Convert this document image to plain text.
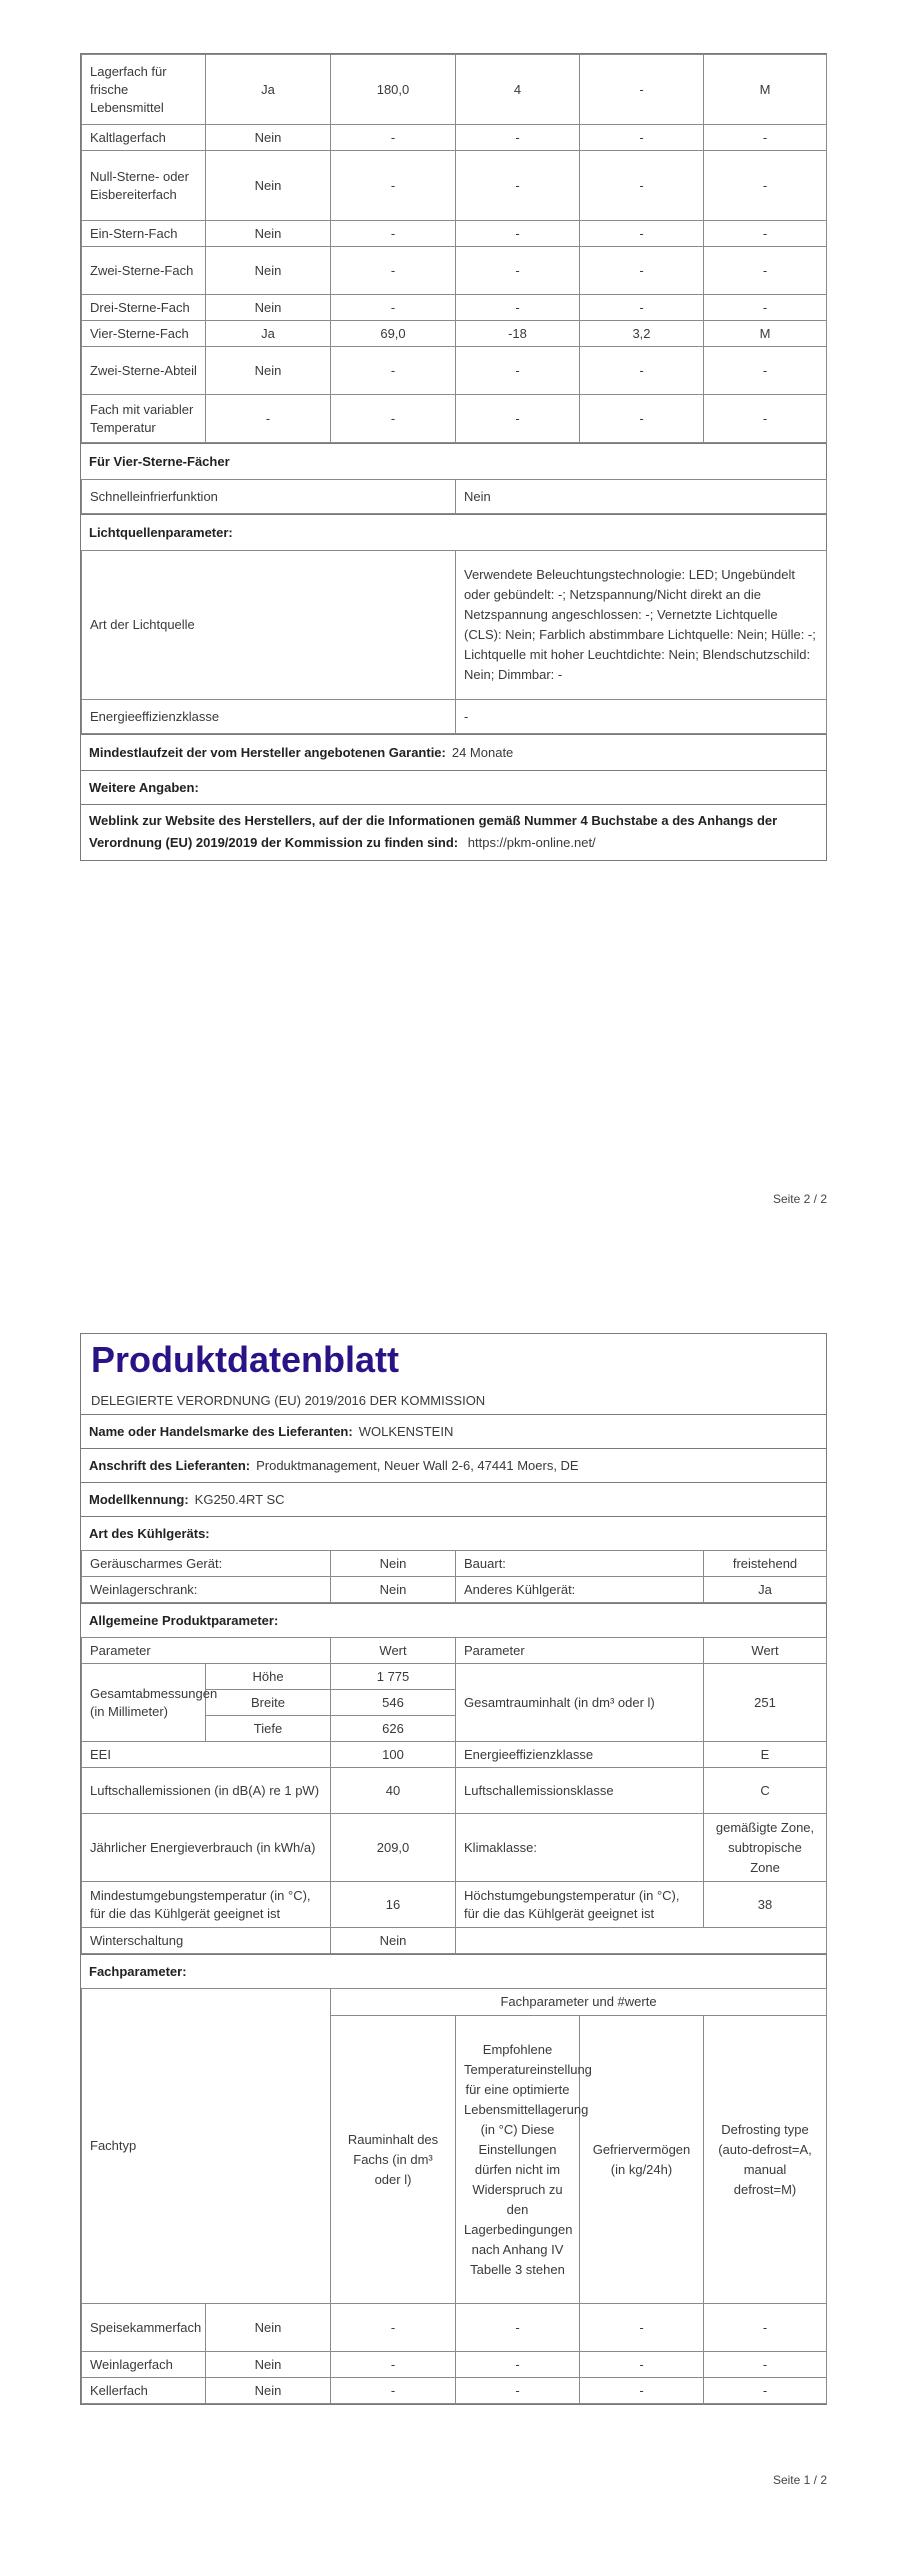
Lagerfach für frische Lebensmittel	Ja	180,0	4	-	M
Kaltlagerfach	Nein	-	-	-	-
Null-Sterne- oder Eisbereiterfach	Nein	-	-	-	-
Ein-Stern-Fach	Nein	-	-	-	-
Zwei-Sterne-Fach	Nein	-	-	-	-
Drei-Sterne-Fach	Nein	-	-	-	-
Vier-Sterne-Fach	Ja	69,0	-18	3,2	M
Zwei-Sterne-Abteil	Nein	-	-	-	-
Fach mit variabler Temperatur	-	-	-	-	-
Für Vier-Sterne-Fächer
Schnelleinfrierfunktion	Nein
Lichtquellenparameter:
Art der Lichtquelle	Verwendete Beleuchtungstechnologie: LED; Ungebündelt oder gebündelt: -; Netzspannung/Nicht direkt an die Netzspannung angeschlossen: -; Vernetzte Lichtquelle (CLS): Nein; Farblich abstimmbare Lichtquelle: Nein; Hülle: -; Lichtquelle mit hoher Leuchtdichte: Nein; Blendschutzschild: Nein; Dimmbar: -
Energieeffizienzklasse	-
Mindestlaufzeit der vom Hersteller angebotenen Garantie: 24 Monate
Weitere Angaben:
Weblink zur Website des Herstellers, auf der die Informationen gemäß Nummer 4 Buchstabe a des Anhangs der Verordnung (EU) 2019/2019 der Kommission zu finden sind: https://pkm-online.net/
Seite 2 / 2
Produktdatenblatt
DELEGIERTE VERORDNUNG (EU) 2019/2016 DER KOMMISSION
Name oder Handelsmarke des Lieferanten: WOLKENSTEIN
Anschrift des Lieferanten: Produktmanagement, Neuer Wall 2-6, 47441 Moers, DE
Modellkennung: KG250.4RT SC
Art des Kühlgeräts:
Geräuscharmes Gerät:	Nein	Bauart:	freistehend
Weinlagerschrank:	Nein	Anderes Kühlgerät:	Ja
Allgemeine Produktparameter:
Parameter		Wert	Parameter	Wert
Gesamtabmessungen (in Millimeter)	Höhe	1 775	Gesamtrauminhalt (in dm³ oder l)	251
	Breite	546		
	Tiefe	626		
EEI		100	Energieeffizienzklasse	E
Luftschallemissionen (in dB(A) re 1 pW)		40	Luftschallemissionsklasse	C
Jährlicher Energieverbrauch (in kWh/a)		209,0	Klimaklasse:	gemäßigte Zone, subtropische Zone
Mindestumgebungstemperatur (in °C), für die das Kühlgerät geeignet ist		16	Höchstumgebungstemperatur (in °C), für die das Kühlgerät geeignet ist	38
Winterschaltung		Nein		
Fachparameter:
Fachtyp		Fachparameter und #werte			
		Rauminhalt des Fachs (in dm³ oder l)	Empfohlene Temperatureinstellung für eine optimierte Lebensmittellagerung (in °C) Diese Einstellungen dürfen nicht im Widerspruch zu den Lagerbedingungen nach Anhang IV Tabelle 3 stehen	Gefriervermögen (in kg/24h)	Defrosting type (auto-defrost=A, manual defrost=M)
Speisekammerfach	Nein	-	-	-	-
Weinlagerfach	Nein	-	-	-	-
Kellerfach	Nein	-	-	-	-
Seite 1 / 2
